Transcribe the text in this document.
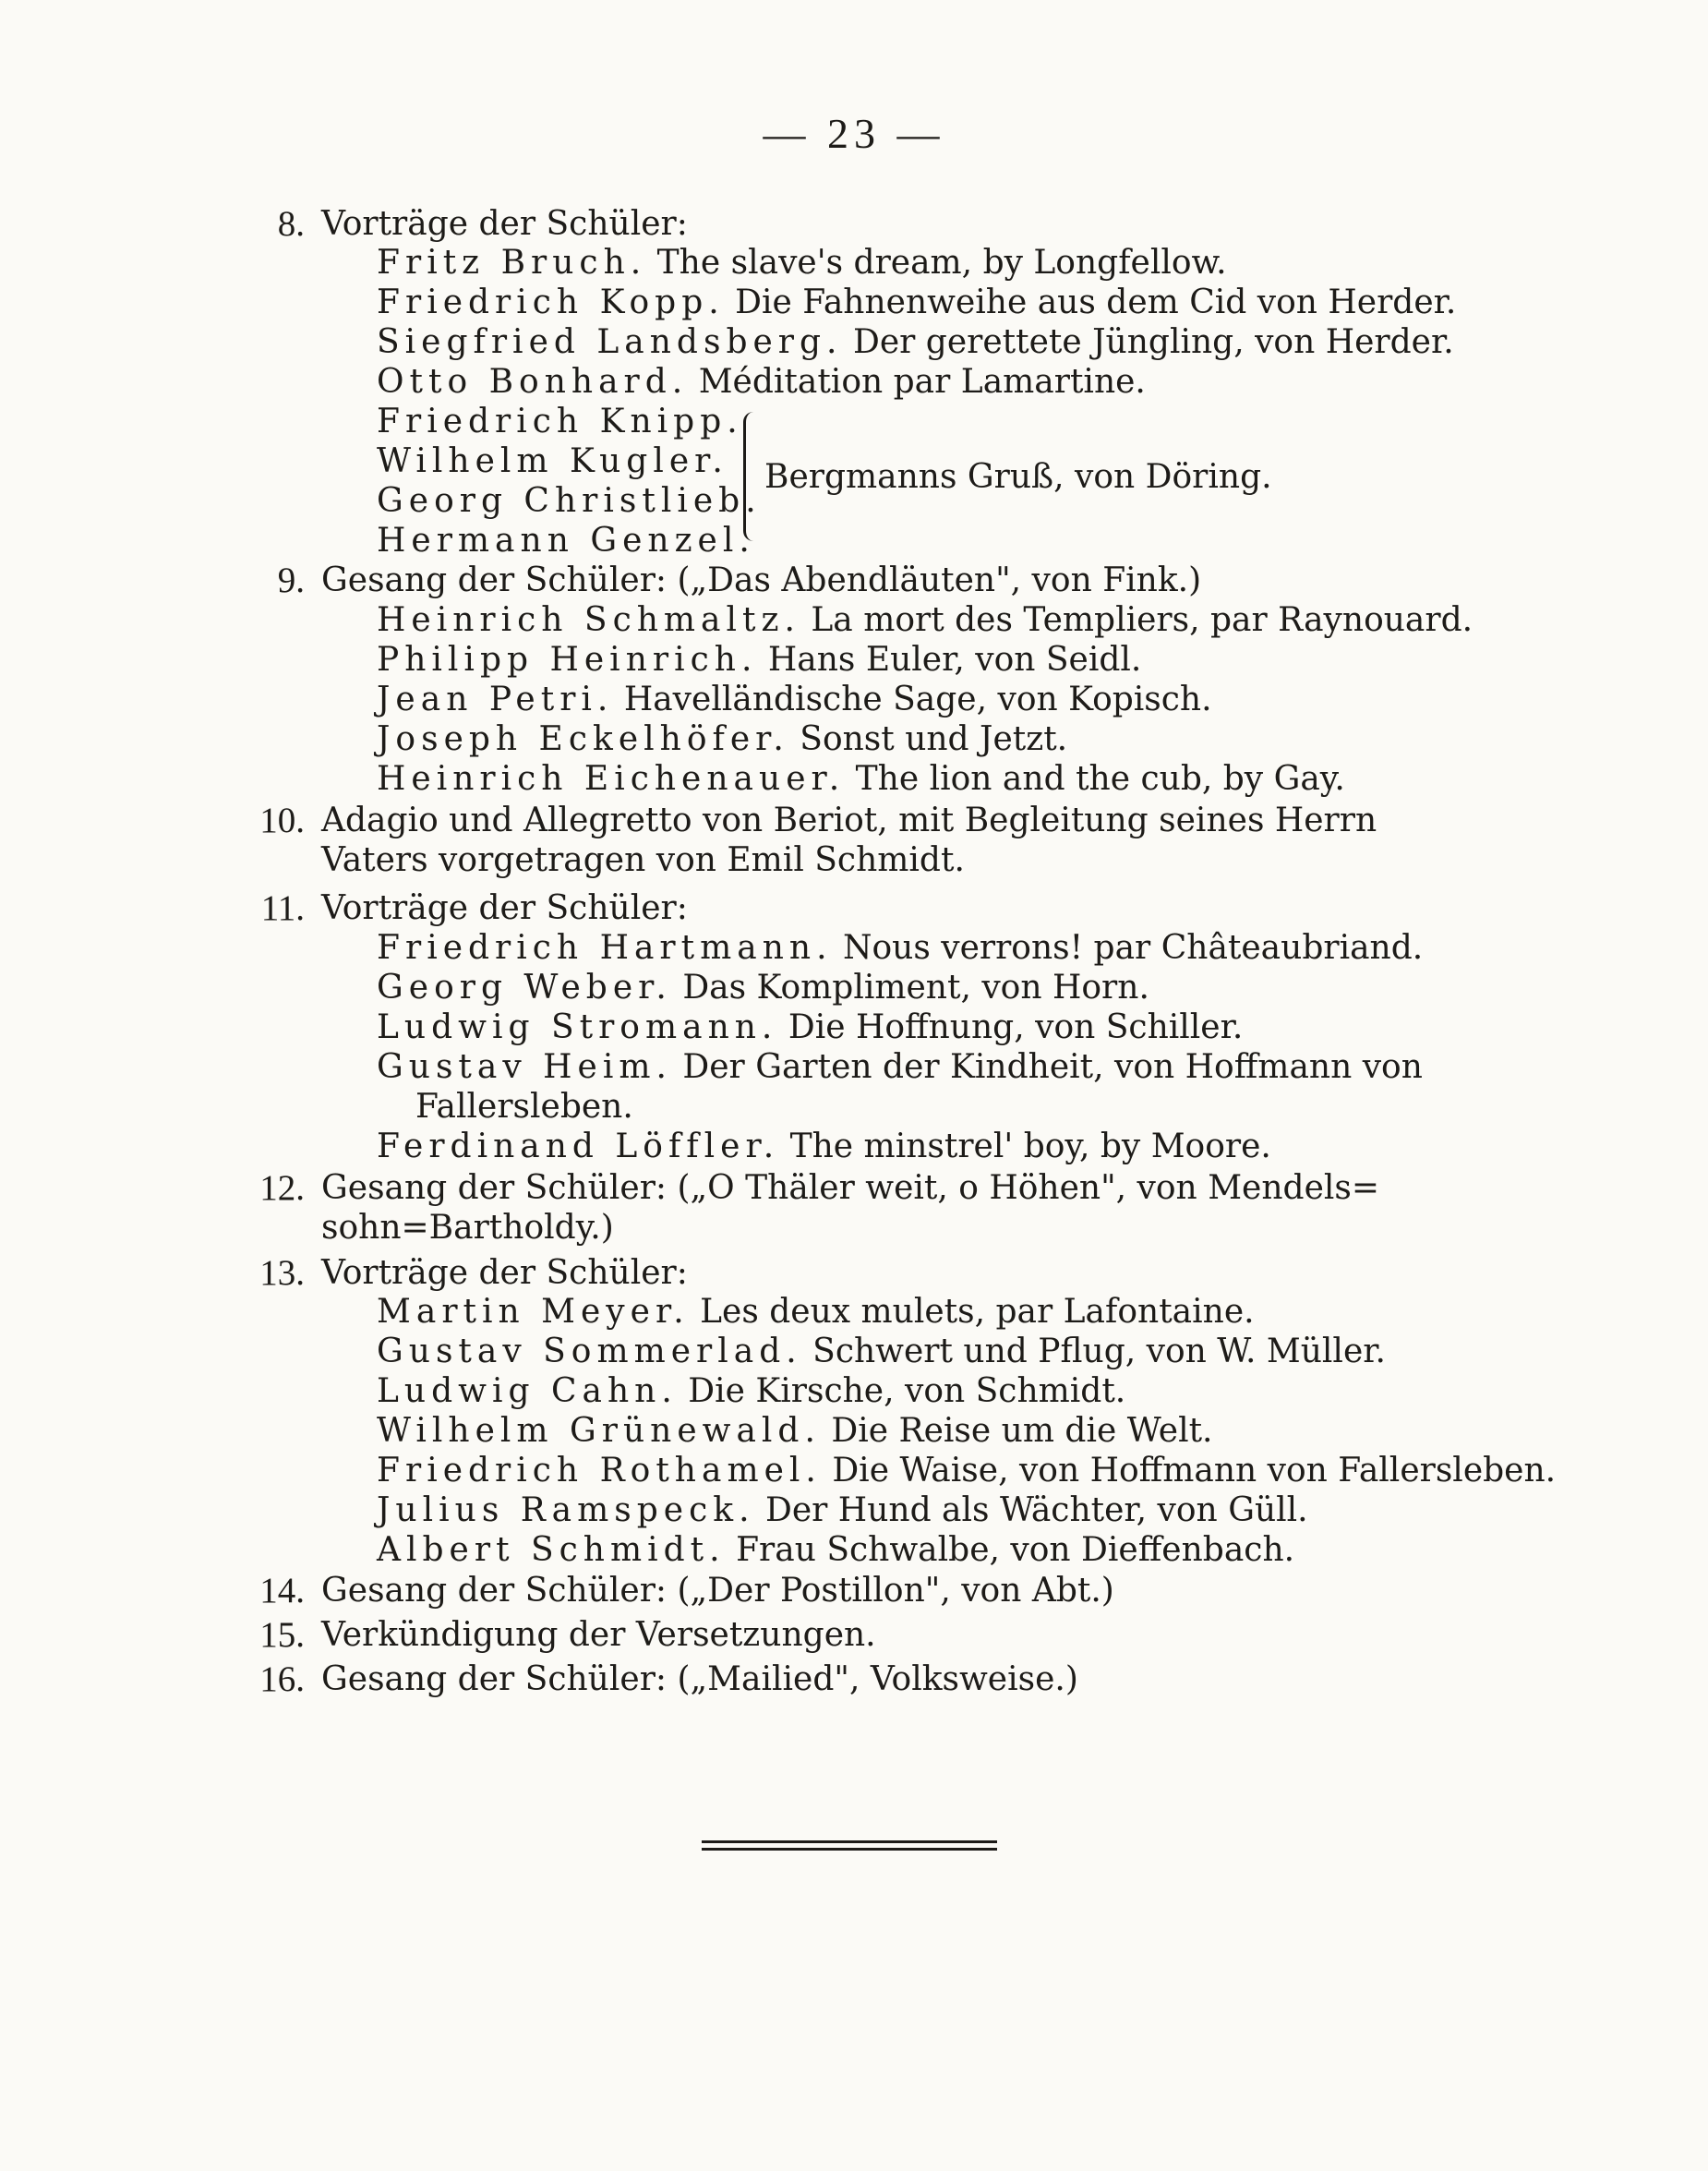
— 23 —
8. Vorträge der Schüler:
Fritz Bruch. The slave's dream, by Longfellow.
Friedrich Kopp. Die Fahnenweihe aus dem Cid von Herder.
Siegfried Landsberg. Der gerettete Jüngling, von Herder.
Otto Bonhard. Méditation par Lamartine.
Friedrich Knipp.
Wilhelm Kugler.
Georg Christlieb.
Hermann Genzel.
Bergmanns Gruß, von Döring.
9. Gesang der Schüler: („Das Abendläuten", von Fink.)
Heinrich Schmaltz. La mort des Templiers, par Raynouard.
Philipp Heinrich. Hans Euler, von Seidl.
Jean Petri. Havelländische Sage, von Kopisch.
Joseph Eckelhöfer. Sonst und Jetzt.
Heinrich Eichenauer. The lion and the cub, by Gay.
10. Adagio und Allegretto von Beriot, mit Begleitung seines Herrn
Vaters vorgetragen von Emil Schmidt.
11. Vorträge der Schüler:
Friedrich Hartmann. Nous verrons! par Châteaubriand.
Georg Weber. Das Kompliment, von Horn.
Ludwig Stromann. Die Hoffnung, von Schiller.
Gustav Heim. Der Garten der Kindheit, von Hoffmann von
Fallersleben.
Ferdinand Löffler. The minstrel' boy, by Moore.
12. Gesang der Schüler: („O Thäler weit, o Höhen", von Mendels=
sohn=Bartholdy.)
13. Vorträge der Schüler:
Martin Meyer. Les deux mulets, par Lafontaine.
Gustav Sommerlad. Schwert und Pflug, von W. Müller.
Ludwig Cahn. Die Kirsche, von Schmidt.
Wilhelm Grünewald. Die Reise um die Welt.
Friedrich Rothamel. Die Waise, von Hoffmann von Fallersleben.
Julius Ramspeck. Der Hund als Wächter, von Güll.
Albert Schmidt. Frau Schwalbe, von Dieffenbach.
14. Gesang der Schüler: („Der Postillon", von Abt.)
15. Verkündigung der Versetzungen.
16. Gesang der Schüler: („Mailied", Volksweise.)
